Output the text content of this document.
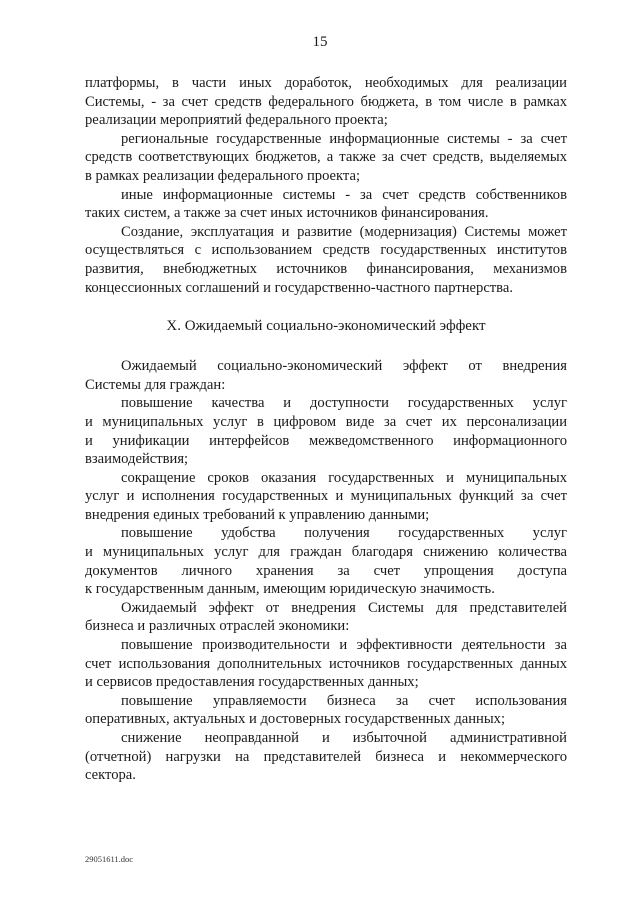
15
платформы, в части иных доработок, необходимых для реализации
Системы, - за счет средств федерального бюджета, в том числе в рамках
реализации мероприятий федерального проекта;
региональные государственные информационные системы - за счет
средств соответствующих бюджетов, а также за счет средств, выделяемых
в рамках реализации федерального проекта;
иные информационные системы - за счет средств собственников
таких систем, а также за счет иных источников финансирования.
Создание, эксплуатация и развитие (модернизация) Системы может
осуществляться с использованием средств государственных институтов
развития, внебюджетных источников финансирования, механизмов
концессионных соглашений и государственно-частного партнерства.
X. Ожидаемый социально-экономический эффект
Ожидаемый социально-экономический эффект от внедрения
Системы для граждан:
повышение качества и доступности государственных услуг
и муниципальных услуг в цифровом виде за счет их персонализации
и унификации интерфейсов межведомственного информационного
взаимодействия;
сокращение сроков оказания государственных и муниципальных
услуг и исполнения государственных и муниципальных функций за счет
внедрения единых требований к управлению данными;
повышение удобства получения государственных услуг
и муниципальных услуг для граждан благодаря снижению количества
документов личного хранения за счет упрощения доступа
к государственным данным, имеющим юридическую значимость.
Ожидаемый эффект от внедрения Системы для представителей
бизнеса и различных отраслей экономики:
повышение производительности и эффективности деятельности за
счет использования дополнительных источников государственных данных
и сервисов предоставления государственных данных;
повышение управляемости бизнеса за счет использования
оперативных, актуальных и достоверных государственных данных;
снижение неоправданной и избыточной административной
(отчетной) нагрузки на представителей бизнеса и некоммерческого
сектора.
29051611.doc
